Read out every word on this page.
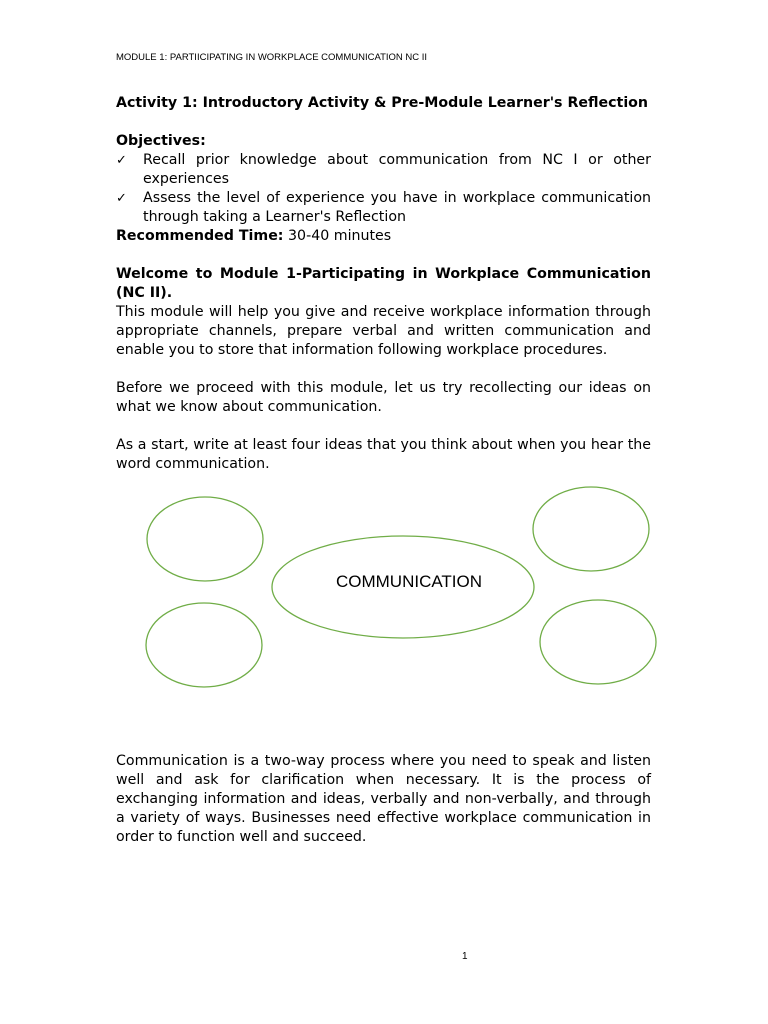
MODULE 1: PARTIICIPATING IN WORKPLACE COMMUNICATION NC II

Activity 1: Introductory Activity & Pre-Module Learner's Reflection

Objectives:

✓ Recall prior knowledge about communication from NC I or other experiences
✓ Assess the level of experience you have in workplace communication through taking a Learner's Reflection

Recommended Time: 30-40 minutes

Welcome to Module 1-Participating in Workplace Communication (NC II).

This module will help you give and receive workplace information through appropriate channels, prepare verbal and written communication and enable you to store that information following workplace procedures.

Before we proceed with this module, let us try recollecting our ideas on what we know about communication.

As a start, write at least four ideas that you think about when you hear the word communication.

COMMUNICATION

Communication is a two-way process where you need to speak and listen well and ask for clarification when necessary. It is the process of exchanging information and ideas, verbally and non-verbally, and through a variety of ways. Businesses need effective workplace communication in order to function well and succeed.

1
